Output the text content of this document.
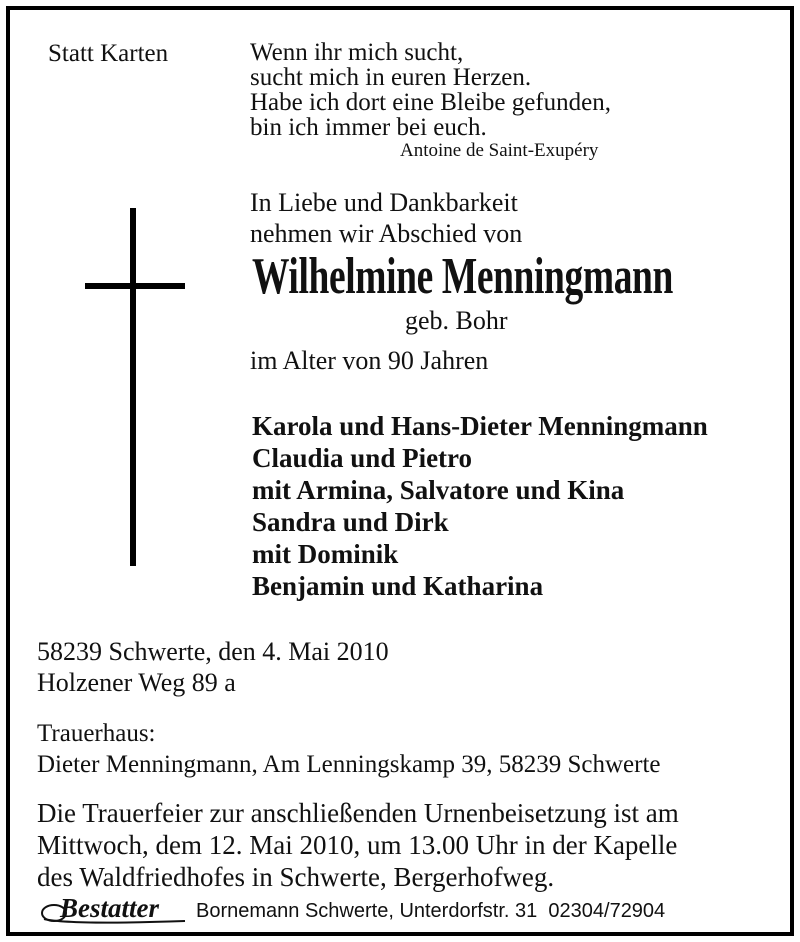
Statt Karten	Wenn ihr mich sucht,
sucht mich in euren Herzen.
Habe ich dort eine Bleibe gefunden,
bin ich immer bei euch.
Antoine de Saint-Exupéry
In Liebe und Dankbarkeit
nehmen wir Abschied von
Wilhelmine Menningmann
geb. Bohr
im Alter von 90 Jahren
Karola und Hans-Dieter Menningmann
Claudia und Pietro
mit Armina, Salvatore und Kina
Sandra und Dirk
mit Dominik
Benjamin und Katharina
58239 Schwerte, den 4. Mai 2010
Holzener Weg 89 a
Trauerhaus:
Dieter Menningmann, Am Lenningskamp 39, 58239 Schwerte
Die Trauerfeier zur anschließenden Urnenbeisetzung ist am
Mittwoch, dem 12. Mai 2010, um 13.00 Uhr in der Kapelle
des Waldfriedhofes in Schwerte, Bergerhofweg.
Bestatter Bornemann Schwerte, Unterdorfstr. 31  02304/72904
